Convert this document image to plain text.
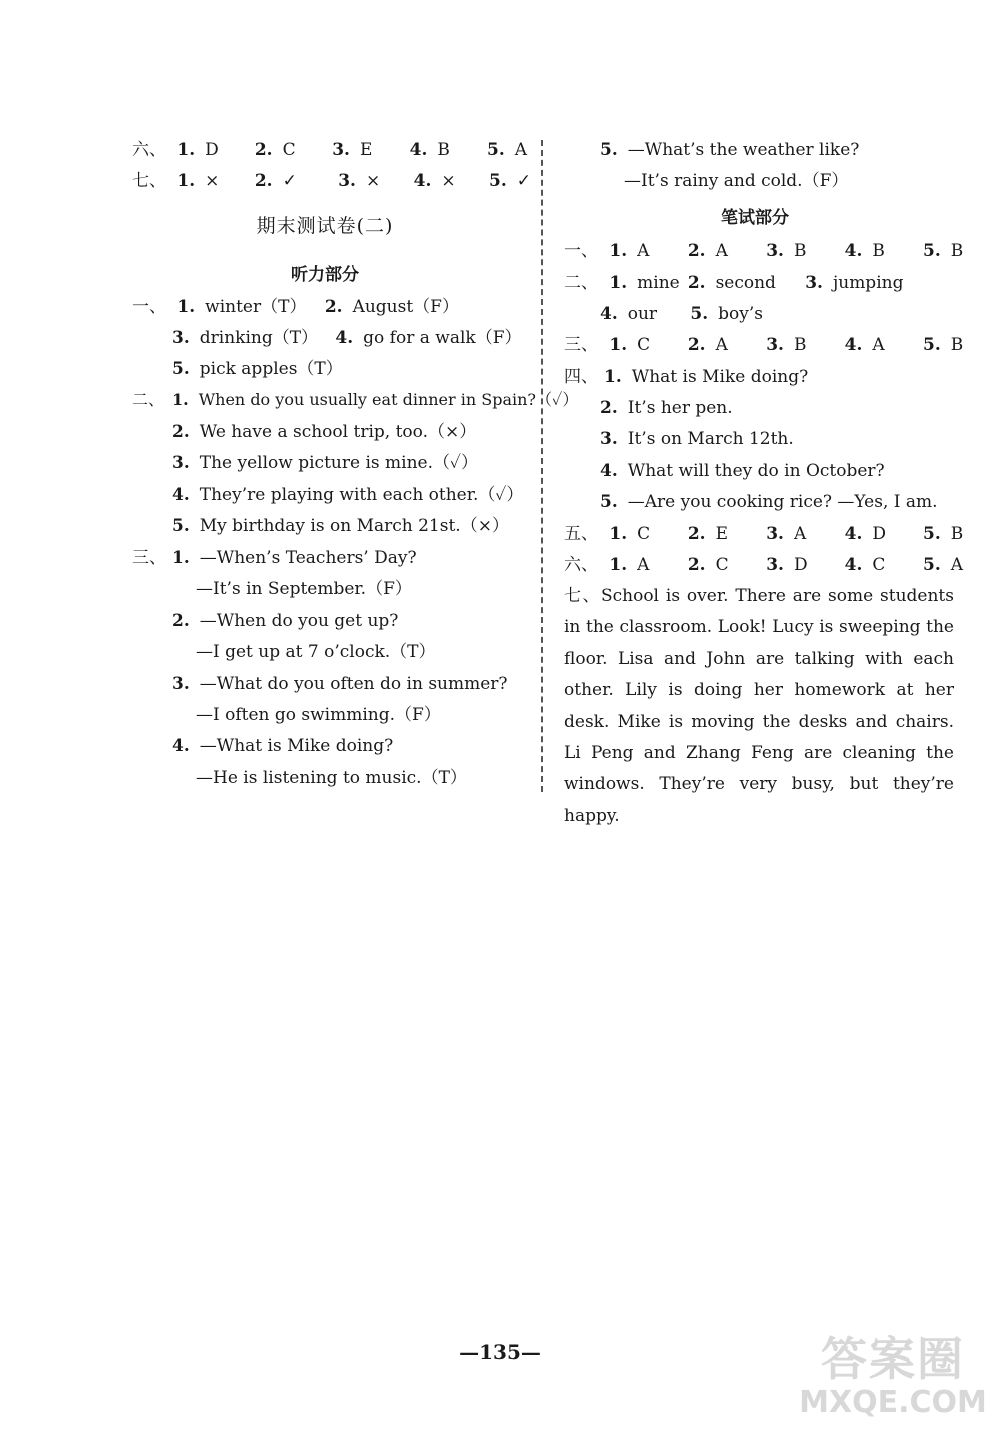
六、 1. D 2. C 3. E 4. B 5. A
七、 1. × 2. ✓ 3. × 4. × 5. ✓
期末测试卷(二)
听力部分
一、 1. winter（T） 2. August（F）
3. drinking（T） 4. go for a walk（F）
5. pick apples（T）
二、 1. When do you usually eat dinner in Spain?（✓）
2. We have a school trip, too.（×）
3. The yellow picture is mine.（✓）
4. They’re playing with each other.（✓）
5. My birthday is on March 21st.（×）
三、 1. —When’s Teachers’ Day?
—It’s in September.（F）
2. —When do you get up?
—I get up at 7 o’clock.（T）
3. —What do you often do in summer?
—I often go swimming.（F）
4. —What is Mike doing?
—He is listening to music.（T）
5. —What’s the weather like?
—It’s rainy and cold.（F）
笔试部分
一、 1. A 2. A 3. B 4. B 5. B
二、 1. mine 2. second 3. jumping
4. our 5. boy’s
三、 1. C 2. A 3. B 4. A 5. B
四、 1. What is Mike doing?
2. It’s her pen.
3. It’s on March 12th.
4. What will they do in October?
5. —Are you cooking rice? —Yes, I am.
五、 1. C 2. E 3. A 4. D 5. B
六、 1. A 2. C 3. D 4. C 5. A
七、School is over. There are some students in the classroom. Look! Lucy is sweeping the floor. Lisa and John are talking with each other. Lily is doing her homework at her desk. Mike is moving the desks and chairs. Li Peng and Zhang Feng are cleaning the windows. They’re very busy, but they’re happy.
—135—	答案圈
MXQE.COM
